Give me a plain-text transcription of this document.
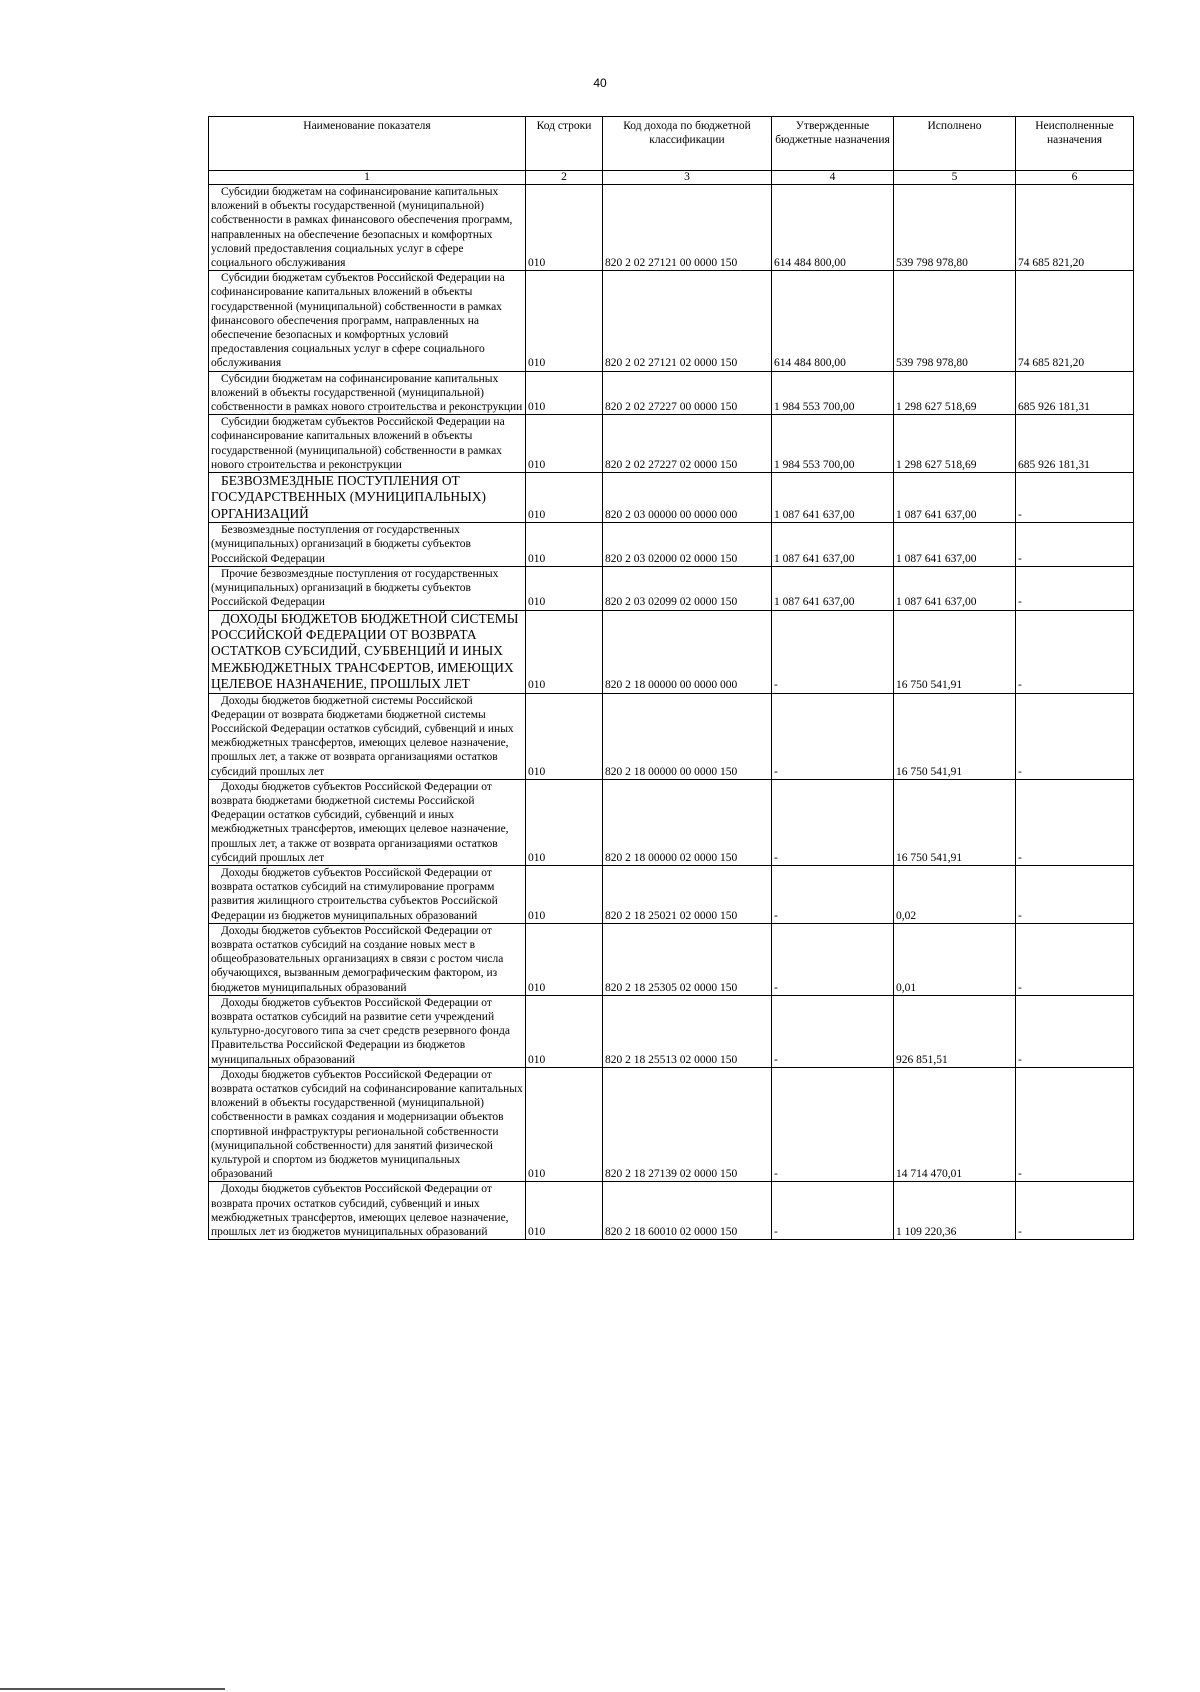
40
Наименование показателя	Код строки	Код дохода по бюджетной классификации	Утвержденные бюджетные назначения	Исполнено	Неисполненные назначения
1	2	3	4	5	6
Субсидии бюджетам на софинансирование капитальных вложений в объекты государственной (муниципальной) собственности в рамках финансового обеспечения программ, направленных на обеспечение безопасных и комфортных условий предоставления социальных услуг в сфере социального обслуживания	010	820 2 02 27121 00 0000 150	614 484 800,00	539 798 978,80	74 685 821,20
Субсидии бюджетам субъектов Российской Федерации на софинансирование капитальных вложений в объекты государственной (муниципальной) собственности в рамках финансового обеспечения программ, направленных на обеспечение безопасных и комфортных условий предоставления социальных услуг в сфере социального обслуживания	010	820 2 02 27121 02 0000 150	614 484 800,00	539 798 978,80	74 685 821,20
Субсидии бюджетам на софинансирование капитальных вложений в объекты государственной (муниципальной) собственности в рамках нового строительства и реконструкции	010	820 2 02 27227 00 0000 150	1 984 553 700,00	1 298 627 518,69	685 926 181,31
Субсидии бюджетам субъектов Российской Федерации на софинансирование капитальных вложений в объекты государственной (муниципальной) собственности в рамках нового строительства и реконструкции	010	820 2 02 27227 02 0000 150	1 984 553 700,00	1 298 627 518,69	685 926 181,31
БЕЗВОЗМЕЗДНЫЕ ПОСТУПЛЕНИЯ ОТ ГОСУДАРСТВЕННЫХ (МУНИЦИПАЛЬНЫХ) ОРГАНИЗАЦИЙ	010	820 2 03 00000 00 0000 000	1 087 641 637,00	1 087 641 637,00	-
Безвозмездные поступления от государственных (муниципальных) организаций в бюджеты субъектов Российской Федерации	010	820 2 03 02000 02 0000 150	1 087 641 637,00	1 087 641 637,00	-
Прочие безвозмездные поступления от государственных (муниципальных) организаций в бюджеты субъектов Российской Федерации	010	820 2 03 02099 02 0000 150	1 087 641 637,00	1 087 641 637,00	-
ДОХОДЫ БЮДЖЕТОВ БЮДЖЕТНОЙ СИСТЕМЫ РОССИЙСКОЙ ФЕДЕРАЦИИ ОТ ВОЗВРАТА ОСТАТКОВ СУБСИДИЙ, СУБВЕНЦИЙ И ИНЫХ МЕЖБЮДЖЕТНЫХ ТРАНСФЕРТОВ, ИМЕЮЩИХ ЦЕЛЕВОЕ НАЗНАЧЕНИЕ, ПРОШЛЫХ ЛЕТ	010	820 2 18 00000 00 0000 000	-	16 750 541,91	-
Доходы бюджетов бюджетной системы Российской Федерации от возврата бюджетами бюджетной системы Российской Федерации остатков субсидий, субвенций и иных межбюджетных трансфертов, имеющих целевое назначение, прошлых лет, а также от возврата организациями остатков субсидий прошлых лет	010	820 2 18 00000 00 0000 150	-	16 750 541,91	-
Доходы бюджетов субъектов Российской Федерации от возврата бюджетами бюджетной системы Российской Федерации остатков субсидий, субвенций и иных межбюджетных трансфертов, имеющих целевое назначение, прошлых лет, а также от возврата организациями остатков субсидий прошлых лет	010	820 2 18 00000 02 0000 150	-	16 750 541,91	-
Доходы бюджетов субъектов Российской Федерации от возврата остатков субсидий на стимулирование программ развития жилищного строительства субъектов Российской Федерации из бюджетов муниципальных образований	010	820 2 18 25021 02 0000 150	-	0,02	-
Доходы бюджетов субъектов Российской Федерации от возврата остатков субсидий на создание новых мест в общеобразовательных организациях в связи с ростом числа обучающихся, вызванным демографическим фактором, из бюджетов муниципальных образований	010	820 2 18 25305 02 0000 150	-	0,01	-
Доходы бюджетов субъектов Российской Федерации от возврата остатков субсидий на развитие сети учреждений культурно-досугового типа за счет средств резервного фонда Правительства Российской Федерации из бюджетов муниципальных образований	010	820 2 18 25513 02 0000 150	-	926 851,51	-
Доходы бюджетов субъектов Российской Федерации от возврата остатков субсидий на софинансирование капитальных вложений в объекты государственной (муниципальной) собственности в рамках создания и модернизации объектов спортивной инфраструктуры региональной собственности (муниципальной собственности) для занятий физической культурой и спортом из бюджетов муниципальных образований	010	820 2 18 27139 02 0000 150	-	14 714 470,01	-
Доходы бюджетов субъектов Российской Федерации от возврата прочих остатков субсидий, субвенций и иных межбюджетных трансфертов, имеющих целевое назначение, прошлых лет из бюджетов муниципальных образований	010	820 2 18 60010 02 0000 150	-	1 109 220,36	-
